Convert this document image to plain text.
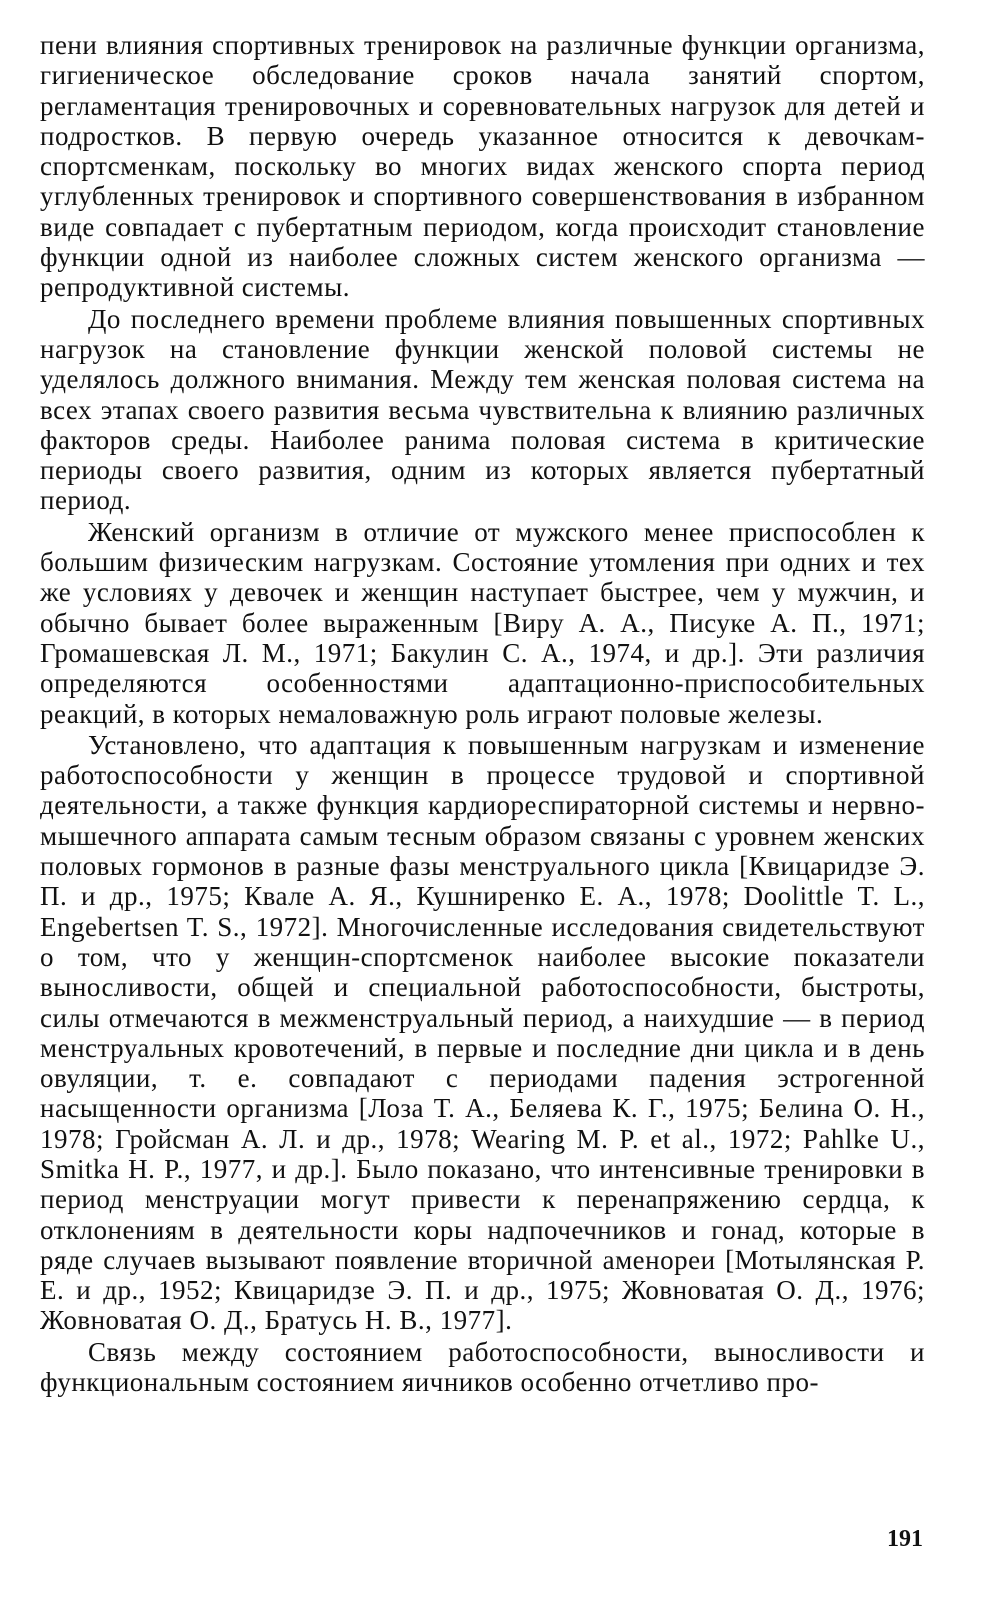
пени влияния спортивных тренировок на различные функции организма, гигиеническое обследование сроков начала занятий спортом, регламентация тренировочных и соревновательных нагрузок для детей и подростков. В первую очередь указанное относится к девочкам-спортсменкам, поскольку во многих видах женского спорта период углубленных тренировок и спортивного совершенствования в избранном виде совпадает с пубертатным периодом, когда происходит становление функции одной из наиболее сложных систем женского организма — репродуктивной системы.

До последнего времени проблеме влияния повышенных спортивных нагрузок на становление функции женской половой системы не уделялось должного внимания. Между тем женская половая система на всех этапах своего развития весьма чувствительна к влиянию различных факторов среды. Наиболее ранима половая система в критические периоды своего развития, одним из которых является пубертатный период.

Женский организм в отличие от мужского менее приспособлен к большим физическим нагрузкам. Состояние утомления при одних и тех же условиях у девочек и женщин наступает быстрее, чем у мужчин, и обычно бывает более выраженным [Виру А. А., Писуке А. П., 1971; Громашевская Л. М., 1971; Бакулин С. А., 1974, и др.]. Эти различия определяются особенностями адаптационно-приспособительных реакций, в которых немаловажную роль играют половые железы.

Установлено, что адаптация к повышенным нагрузкам и изменение работоспособности у женщин в процессе трудовой и спортивной деятельности, а также функция кардиореспираторной системы и нервно-мышечного аппарата самым тесным образом связаны с уровнем женских половых гормонов в разные фазы менструального цикла [Квицаридзе Э. П. и др., 1975; Квале А. Я., Кушниренко Е. А., 1978; Doolittle T. L., Engebertsen T. S., 1972]. Многочисленные исследования свидетельствуют о том, что у женщин-спортсменок наиболее высокие показатели выносливости, общей и специальной работоспособности, быстроты, силы отмечаются в межменструальный период, а наихудшие — в период менструальных кровотечений, в первые и последние дни цикла и в день овуляции, т. е. совпадают с периодами падения эстрогенной насыщенности организма [Лоза Т. А., Беляева К. Г., 1975; Белина О. Н., 1978; Гройсман А. Л. и др., 1978; Wearing M. P. et al., 1972; Pahlke U., Smitka H. P., 1977, и др.]. Было показано, что интенсивные тренировки в период менструации могут привести к перенапряжению сердца, к отклонениям в деятельности коры надпочечников и гонад, которые в ряде случаев вызывают появление вторичной аменореи [Мотылянская Р. Е. и др., 1952; Квицаридзе Э. П. и др., 1975; Жовноватая О. Д., 1976; Жовноватая О. Д., Братусь Н. В., 1977].

Связь между состоянием работоспособности, выносливости и функциональным состоянием яичников особенно отчетливо про-

191
